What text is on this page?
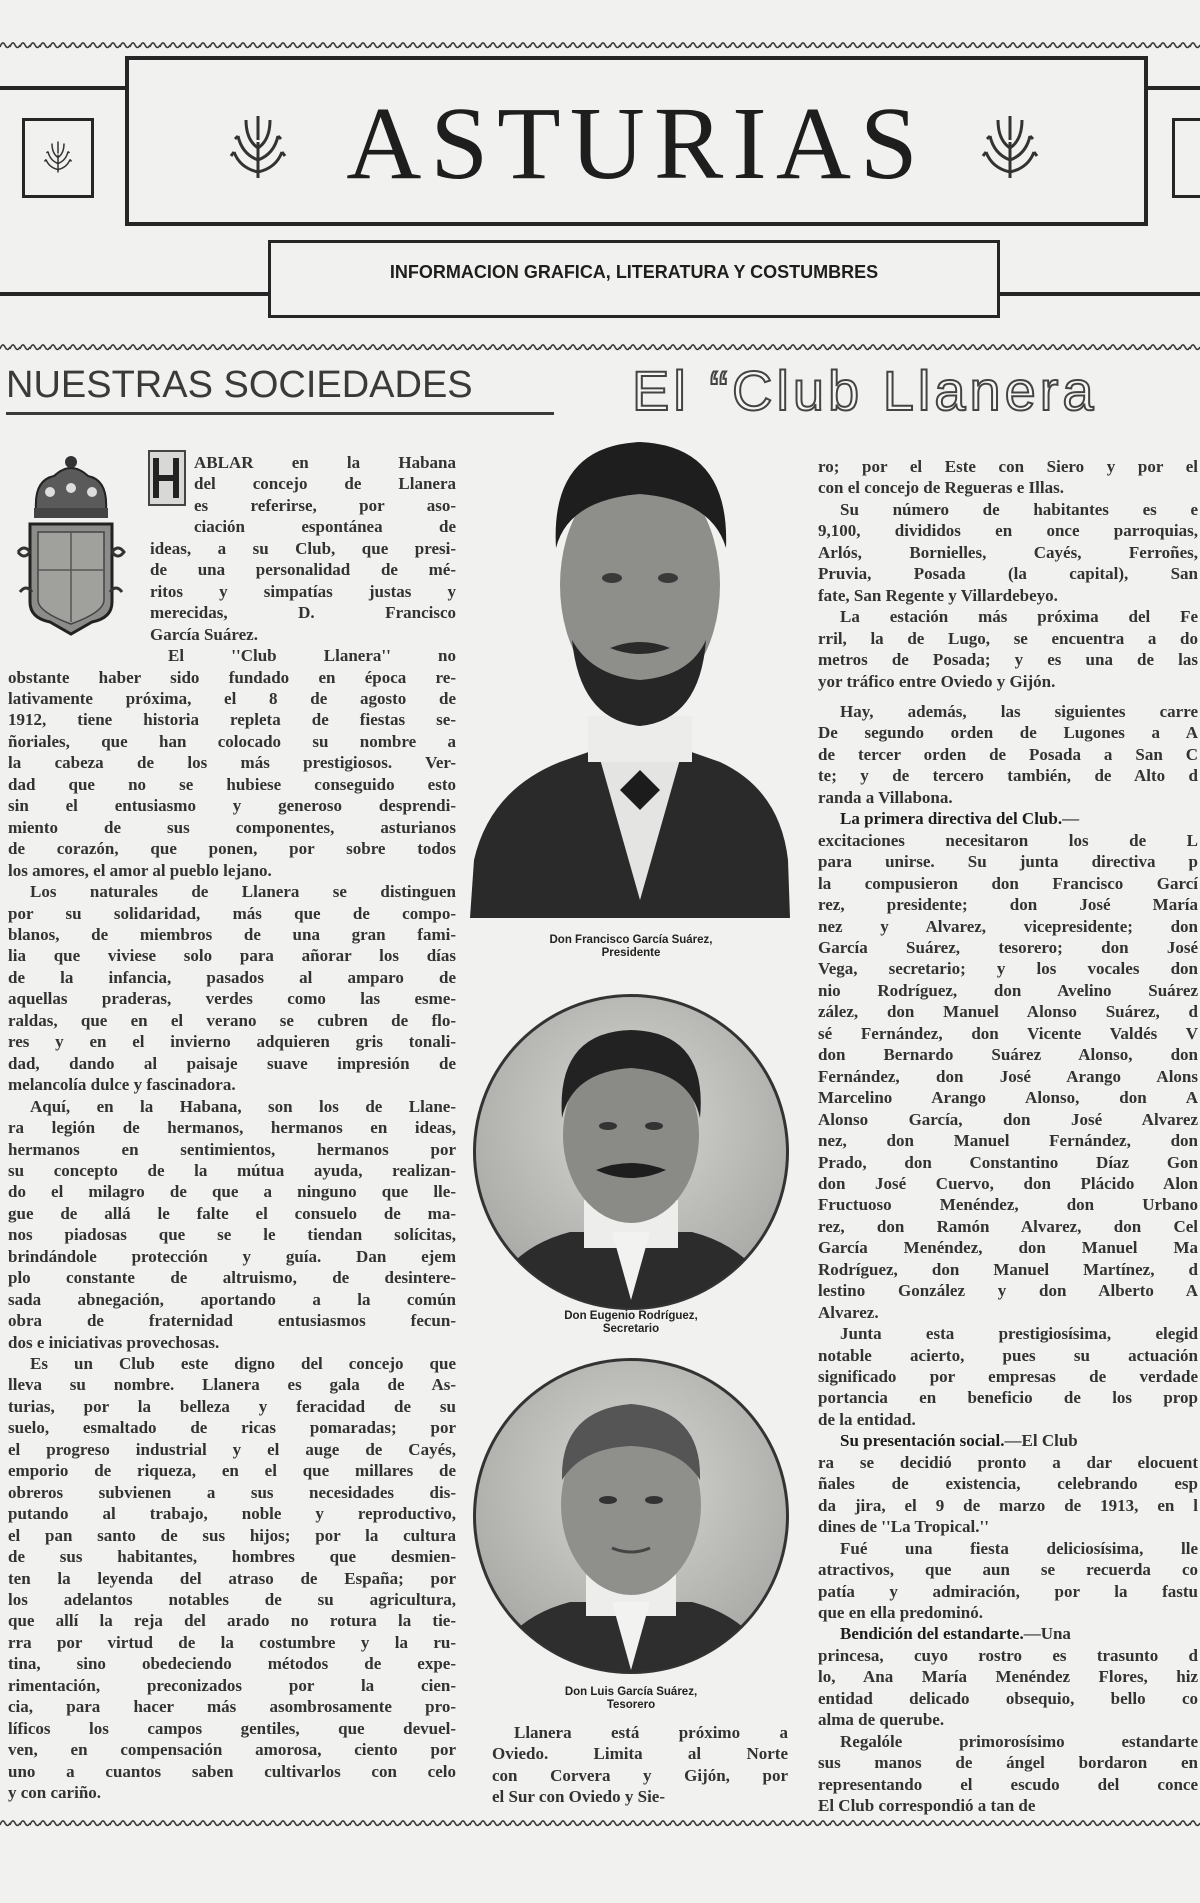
ASTURIAS
INFORMACION GRAFICA, LITERATURA Y COSTUMBRES
NUESTRAS SOCIEDADES	El “Club Llanera
ABLAR en la Habana
del concejo de Llanera
es referirse, por aso-
ciación espontánea de
ideas, a su Club, que presi-
de una personalidad de mé-
ritos y simpatías justas y
merecidas, D. Francisco
García Suárez.
El ''Club Llanera'' no
obstante haber sido fundado en época re-
lativamente próxima, el 8 de agosto de
1912, tiene historia repleta de fiestas se-
ñoriales, que han colocado su nombre a
la cabeza de los más prestigiosos. Ver-
dad que no se hubiese conseguido esto
sin el entusiasmo y generoso desprendi-
miento de sus componentes, asturianos
de corazón, que ponen, por sobre todos
los amores, el amor al pueblo lejano.
Los naturales de Llanera se distinguen
por su solidaridad, más que de compo-
blanos, de miembros de una gran fami-
lia que viviese solo para añorar los días
de la infancia, pasados al amparo de
aquellas praderas, verdes como las esme-
raldas, que en el verano se cubren de flo-
res y en el invierno adquieren gris tonali-
dad, dando al paisaje suave impresión de
melancolía dulce y fascinadora.
Aquí, en la Habana, son los de Llane-
ra legión de hermanos, hermanos en ideas,
hermanos en sentimientos, hermanos por
su concepto de la mútua ayuda, realizan-
do el milagro de que a ninguno que lle-
gue de allá le falte el consuelo de ma-
nos piadosas que se le tiendan solícitas,
brindándole protección y guía. Dan ejem
plo constante de altruismo, de desintere-
sada abnegación, aportando a la común
obra de fraternidad entusiasmos fecun-
dos e iniciativas provechosas.
Es un Club este digno del concejo que
lleva su nombre. Llanera es gala de As-
turias, por la belleza y feracidad de su
suelo, esmaltado de ricas pomaradas; por
el progreso industrial y el auge de Cayés,
emporio de riqueza, en el que millares de
obreros subvienen a sus necesidades dis-
putando al trabajo, noble y reproductivo,
el pan santo de sus hijos; por la cultura
de sus habitantes, hombres que desmien-
ten la leyenda del atraso de España; por
los adelantos notables de su agricultura,
que allí la reja del arado no rotura la tie-
rra por virtud de la costumbre y la ru-
tina, sino obedeciendo métodos de expe-
rimentación, preconizados por la cien-
cia, para hacer más asombrosamente pro-
líficos los campos gentiles, que devuel-
ven, en compensación amorosa, ciento por
uno a cuantos saben cultivarlos con celo
y con cariño.
Don Francisco García Suárez,
Presidente
Don Eugenio Rodríguez,
Secretario
Don Luis García Suárez,
Tesorero
Llanera está próximo a
Oviedo. Limita al Norte
con Corvera y Gijón, por
el Sur con Oviedo y Sie-
ro; por el Este con Siero y por el
con el concejo de Regueras e Illas.
Su número de habitantes es e
9,100, divididos en once parroquias,
Arlós, Bornielles, Cayés, Ferroñes,
Pruvia, Posada (la capital), San
fate, San Regente y Villardebeyo.
La estación más próxima del Fe
rril, la de Lugo, se encuentra a do
metros de Posada; y es una de las
yor tráfico entre Oviedo y Gijón.
Hay, además, las siguientes carre
De segundo orden de Lugones a A
de tercer orden de Posada a San C
te; y de tercero también, de Alto d
randa a Villabona.
La primera directiva del Club.—
excitaciones necesitaron los de L
para unirse. Su junta directiva p
la compusieron don Francisco Garcí
rez, presidente; don José María
nez y Alvarez, vicepresidente; don
García Suárez, tesorero; don José
Vega, secretario; y los vocales don
nio Rodríguez, don Avelino Suárez
zález, don Manuel Alonso Suárez, d
sé Fernández, don Vicente Valdés V
don Bernardo Suárez Alonso, don
Fernández, don José Arango Alons
Marcelino Arango Alonso, don A
Alonso García, don José Alvarez
nez, don Manuel Fernández, don
Prado, don Constantino Díaz Gon
don José Cuervo, don Plácido Alon
Fructuoso Menéndez, don Urbano
rez, don Ramón Alvarez, don Cel
García Menéndez, don Manuel Ma
Rodríguez, don Manuel Martínez, d
lestino González y don Alberto A
Alvarez.
Junta esta prestigiosísima, elegid
notable acierto, pues su actuación
significado por empresas de verdade
portancia en beneficio de los prop
de la entidad.
Su presentación social.—El Club
ra se decidió pronto a dar elocuent
ñales de existencia, celebrando esp
da jira, el 9 de marzo de 1913, en l
dines de ''La Tropical.''
Fué una fiesta deliciosísima, lle
atractivos, que aun se recuerda co
patía y admiración, por la fastu
que en ella predominó.
Bendición del estandarte.—Una
princesa, cuyo rostro es trasunto d
lo, Ana María Menéndez Flores, hiz
entidad delicado obsequio, bello co
alma de querube.
Regalóle primorosísimo estandarte
sus manos de ángel bordaron en
representando el escudo del conce
El Club correspondió a tan de
